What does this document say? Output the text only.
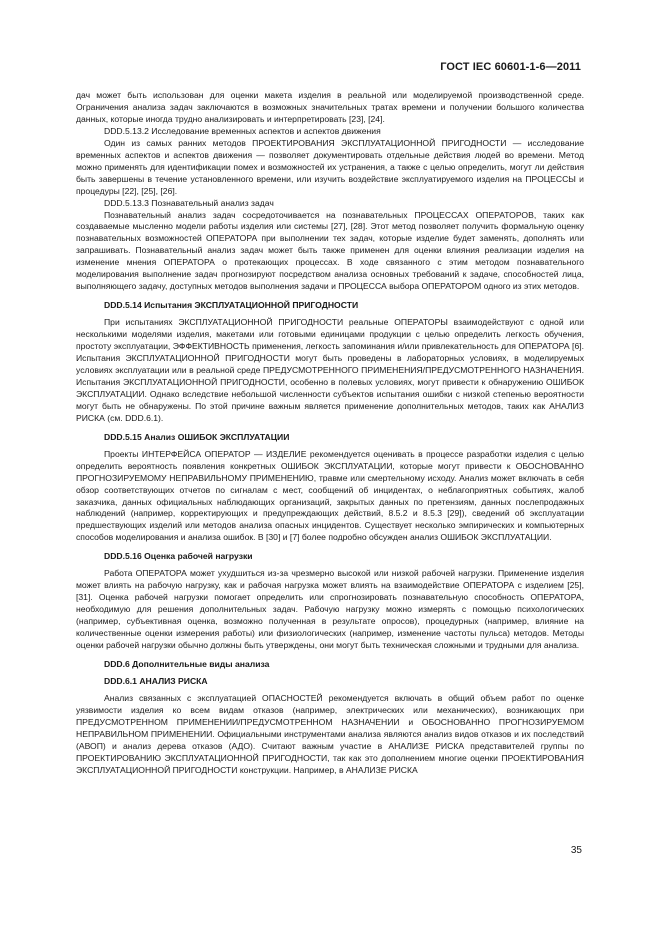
ГОСТ IEC 60601-1-6—2011

дач может быть использован для оценки макета изделия в реальной или моделируемой производственной среде. Ограничения анализа задач заключаются в возможных значительных тратах времени и получении большого количества данных, которые иногда трудно анализировать и интерпретировать [23], [24].

DDD.5.13.2 Исследование временных аспектов и аспектов движения

Один из самых ранних методов ПРОЕКТИРОВАНИЯ ЭКСПЛУАТАЦИОННОЙ ПРИГОДНОСТИ — исследование временных аспектов и аспектов движения — позволяет документировать отдельные действия людей во времени. Метод можно применять для идентификации помех и возможностей их устранения, а также с целью определить, могут ли действия быть завершены в течение установленного времени, или изучить воздействие эксплуатируемого изделия на ПРОЦЕССЫ и процедуры [22], [25], [26].

DDD.5.13.3 Познавательный анализ задач

Познавательный анализ задач сосредоточивается на познавательных ПРОЦЕССАХ ОПЕРАТОРОВ, таких как создаваемые мысленно модели работы изделия или системы [27], [28]. Этот метод позволяет получить формальную оценку познавательных возможностей ОПЕРАТОРА при выполнении тех задач, которые изделие будет заменять, дополнять или запрашивать. Познавательный анализ задач может быть также применен для оценки влияния реализации изделия на изменение мнения ОПЕРАТОРА о протекающих процессах. В ходе связанного с этим методом познавательного моделирования выполнение задач прогнозируют посредством анализа основных требований к задаче, способностей лица, выполняющего задачу, доступных методов выполнения задачи и ПРОЦЕССА выбора ОПЕРАТОРОМ одного из этих методов.

DDD.5.14 Испытания ЭКСПЛУАТАЦИОННОЙ ПРИГОДНОСТИ

При испытаниях ЭКСПЛУАТАЦИОННОЙ ПРИГОДНОСТИ реальные ОПЕРАТОРЫ взаимодействуют с одной или несколькими моделями изделия, макетами или готовыми единицами продукции с целью определить легкость обучения, простоту эксплуатации, ЭФФЕКТИВНОСТЬ применения, легкость запоминания и/или привлекательность для ОПЕРАТОРА [6]. Испытания ЭКСПЛУАТАЦИОННОЙ ПРИГОДНОСТИ могут быть проведены в лабораторных условиях, в моделируемых условиях эксплуатации или в реальной среде ПРЕДУСМОТРЕННОГО ПРИМЕНЕНИЯ/ПРЕДУСМОТРЕННОГО НАЗНАЧЕНИЯ. Испытания ЭКСПЛУАТАЦИОННОЙ ПРИГОДНОСТИ, особенно в полевых условиях, могут привести к обнаружению ОШИБОК ЭКСПЛУАТАЦИИ. Однако вследствие небольшой численности субъектов испытания ошибки с низкой степенью вероятности могут быть не обнаружены. По этой причине важным является применение дополнительных методов, таких как АНАЛИЗ РИСКА (см. DDD.6.1).

DDD.5.15 Анализ ОШИБОК ЭКСПЛУАТАЦИИ

Проекты ИНТЕРФЕЙСА ОПЕРАТОР — ИЗДЕЛИЕ рекомендуется оценивать в процессе разработки изделия с целью определить вероятность появления конкретных ОШИБОК ЭКСПЛУАТАЦИИ, которые могут привести к ОБОСНОВАННО ПРОГНОЗИРУЕМОМУ НЕПРАВИЛЬНОМУ ПРИМЕНЕНИЮ, травме или смертельному исходу. Анализ может включать в себя обзор соответствующих отчетов по сигналам с мест, сообщений об инцидентах, о неблагоприятных событиях, жалоб заказчика, данных официальных наблюдающих организаций, закрытых данных по претензиям, данных послепродажных наблюдений (например, корректирующих и предупреждающих действий, 8.5.2 и 8.5.3 [29]), сведений об эксплуатации предшествующих изделий или методов анализа опасных инцидентов. Существует несколько эмпирических и компьютерных способов моделирования и анализа ошибок. В [30] и [7] более подробно обсужден анализ ОШИБОК ЭКСПЛУАТАЦИИ.

DDD.5.16 Оценка рабочей нагрузки

Работа ОПЕРАТОРА может ухудшиться из-за чрезмерно высокой или низкой рабочей нагрузки. Применение изделия может влиять на рабочую нагрузку, как и рабочая нагрузка может влиять на взаимодействие ОПЕРАТОРА с изделием [25], [31]. Оценка рабочей нагрузки помогает определить или спрогнозировать познавательную способность ОПЕРАТОРА, необходимую для решения дополнительных задач. Рабочую нагрузку можно измерять с помощью психологических (например, субъективная оценка, возможно полученная в результате опросов), процедурных (например, влияние на количественные оценки измерения работы) или физиологических (например, изменение частоты пульса) методов. Методы оценки рабочей нагрузки обычно должны быть утверждены, они могут быть техническая сложными и трудными для анализа.

DDD.6 Дополнительные виды анализа
DDD.6.1 АНАЛИЗ РИСКА

Анализ связанных с эксплуатацией ОПАСНОСТЕЙ рекомендуется включать в общий объем работ по оценке уязвимости изделия ко всем видам отказов (например, электрических или механических), возникающих при ПРЕДУСМОТРЕННОМ ПРИМЕНЕНИИ/ПРЕДУСМОТРЕННОМ НАЗНАЧЕНИИ и ОБОСНОВАННО ПРОГНОЗИРУЕМОМ НЕПРАВИЛЬНОМ ПРИМЕНЕНИИ. Официальными инструментами анализа являются анализ видов отказов и их последствий (АВОП) и анализ дерева отказов (АДО). Считают важным участие в АНАЛИЗЕ РИСКА представителей группы по ПРОЕКТИРОВАНИЮ ЭКСПЛУАТАЦИОННОЙ ПРИГОДНОСТИ, так как это дополнением многие оценки ПРОЕКТИРОВАНИЯ ЭКСПЛУАТАЦИОННОЙ ПРИГОДНОСТИ конструкции. Например, в АНАЛИЗЕ РИСКА

35
